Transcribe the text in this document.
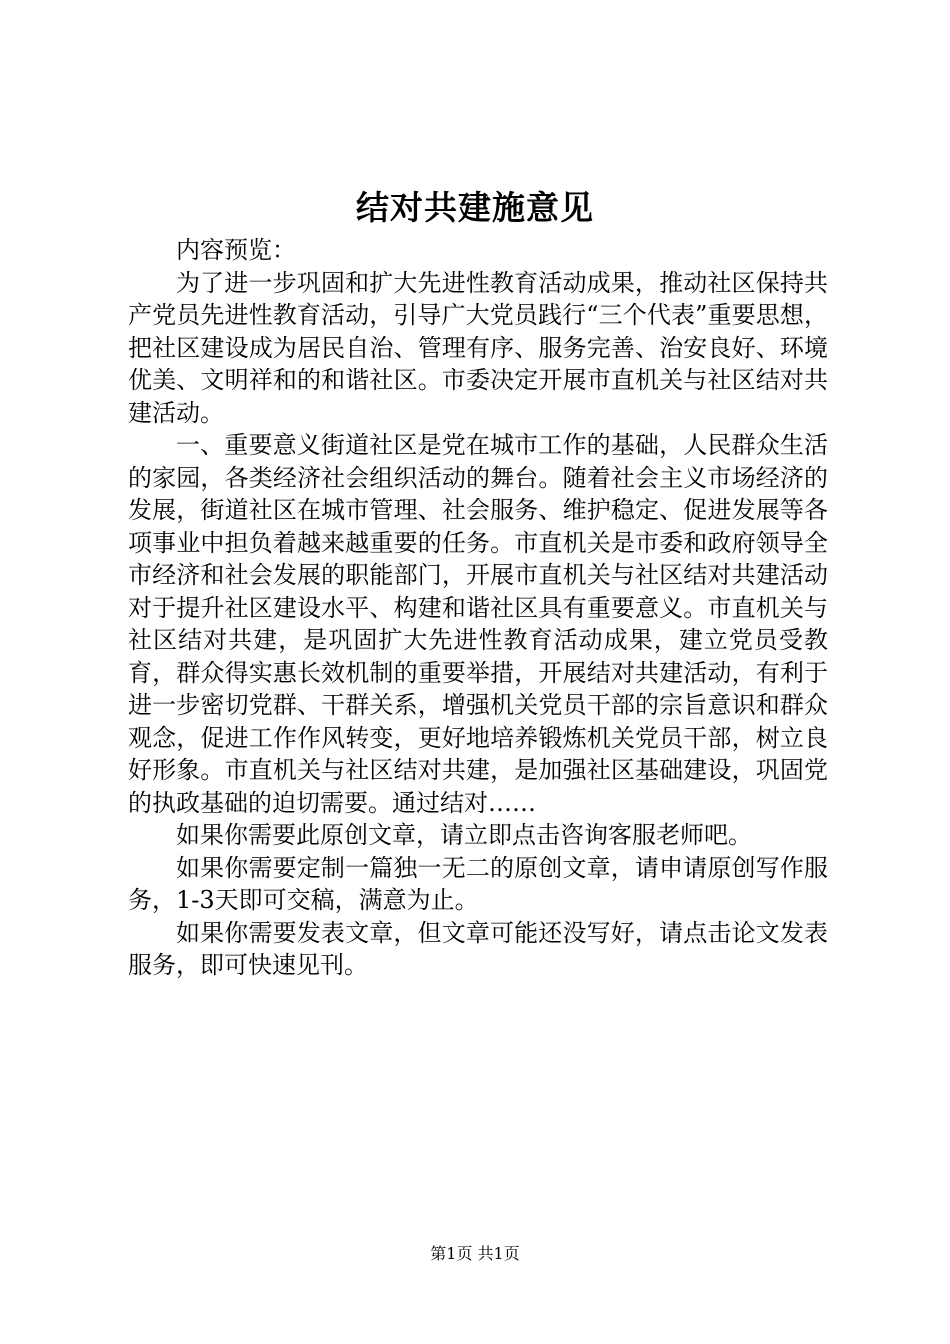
结对共建施意见

内容预览：

为了进一步巩固和扩大先进性教育活动成果，推动社区保持共产党员先进性教育活动，引导广大党员践行“三个代表”重要思想，把社区建设成为居民自治、管理有序、服务完善、治安良好、环境优美、文明祥和的和谐社区。市委决定开展市直机关与社区结对共建活动。

一、重要意义街道社区是党在城市工作的基础，人民群众生活的家园，各类经济社会组织活动的舞台。随着社会主义市场经济的发展，街道社区在城市管理、社会服务、维护稳定、促进发展等各项事业中担负着越来越重要的任务。市直机关是市委和政府领导全市经济和社会发展的职能部门，开展市直机关与社区结对共建活动对于提升社区建设水平、构建和谐社区具有重要意义。市直机关与社区结对共建，是巩固扩大先进性教育活动成果，建立党员受教育，群众得实惠长效机制的重要举措，开展结对共建活动，有利于进一步密切党群、干群关系，增强机关党员干部的宗旨意识和群众观念，促进工作作风转变，更好地培养锻炼机关党员干部，树立良好形象。市直机关与社区结对共建，是加强社区基础建设，巩固党的执政基础的迫切需要。通过结对……

如果你需要此原创文章，请立即点击咨询客服老师吧。

如果你需要定制一篇独一无二的原创文章，请申请原创写作服务，1-3天即可交稿，满意为止。

如果你需要发表文章，但文章可能还没写好，请点击论文发表服务，即可快速见刊。

第1页 共1页
